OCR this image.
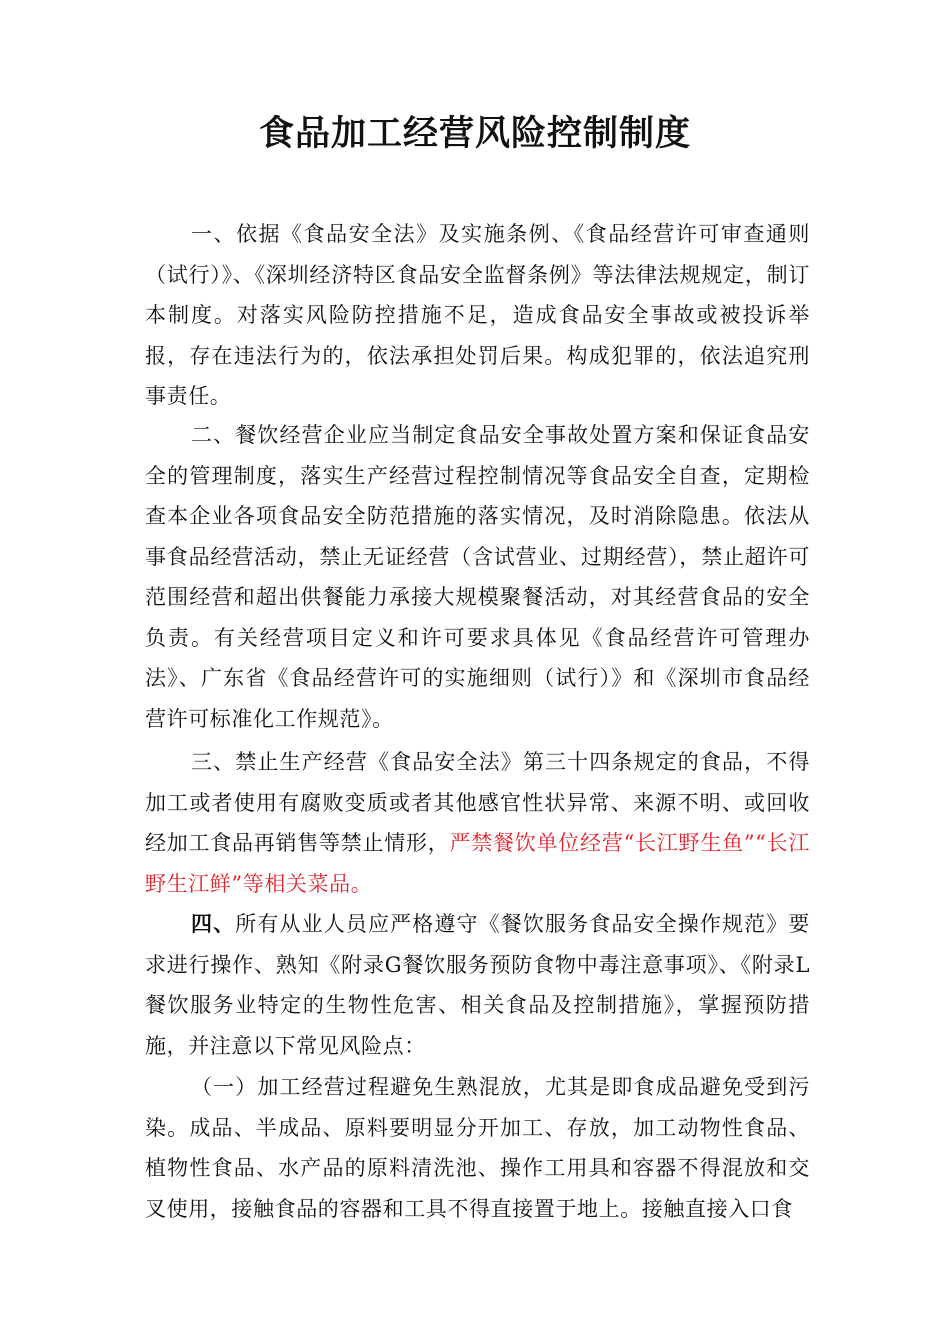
食品加工经营风险控制制度

一、依据《食品安全法》及实施条例、《食品经营许可审查通则（试行）》、《深圳经济特区食品安全监督条例》等法律法规规定，制订本制度。对落实风险防控措施不足，造成食品安全事故或被投诉举报，存在违法行为的，依法承担处罚后果。构成犯罪的，依法追究刑事责任。

二、餐饮经营企业应当制定食品安全事故处置方案和保证食品安全的管理制度，落实生产经营过程控制情况等食品安全自查，定期检查本企业各项食品安全防范措施的落实情况，及时消除隐患。依法从事食品经营活动，禁止无证经营（含试营业、过期经营），禁止超许可范围经营和超出供餐能力承接大规模聚餐活动，对其经营食品的安全负责。有关经营项目定义和许可要求具体见《食品经营许可管理办法》、广东省《食品经营许可的实施细则（试行）》和《深圳市食品经营许可标准化工作规范》。

三、禁止生产经营《食品安全法》第三十四条规定的食品，不得加工或者使用有腐败变质或者其他感官性状异常、来源不明、或回收经加工食品再销售等禁止情形，严禁餐饮单位经营“长江野生鱼”“长江野生江鲜”等相关菜品。

四、所有从业人员应严格遵守《餐饮服务食品安全操作规范》要求进行操作、熟知《附录G餐饮服务预防食物中毒注意事项》、《附录L餐饮服务业特定的生物性危害、相关食品及控制措施》，掌握预防措施，并注意以下常见风险点：

（一）加工经营过程避免生熟混放，尤其是即食成品避免受到污染。成品、半成品、原料要明显分开加工、存放，加工动物性食品、植物性食品、水产品的原料清洗池、操作工用具和容器不得混放和交叉使用，接触食品的容器和工具不得直接置于地上。接触直接入口食
